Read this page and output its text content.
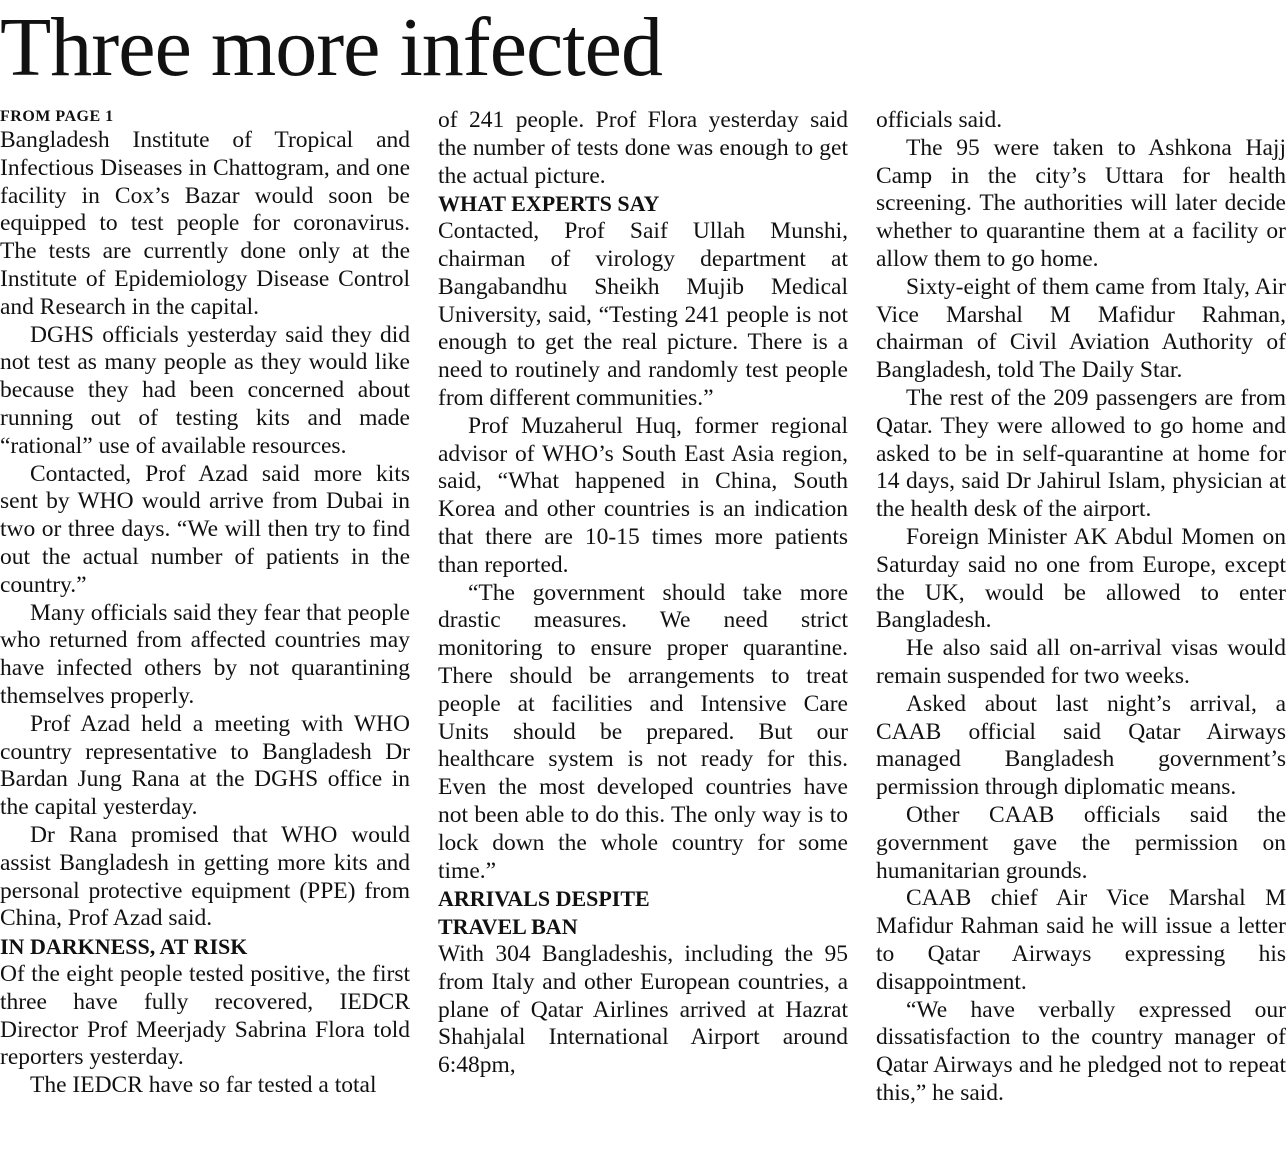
Three more infected

FROM PAGE 1

Bangladesh Institute of Tropical and Infectious Diseases in Chattogram, and one facility in Cox’s Bazar would soon be equipped to test people for coronavirus. The tests are currently done only at the Institute of Epidemiology Disease Control and Research in the capital.

DGHS officials yesterday said they did not test as many people as they would like because they had been concerned about running out of testing kits and made “rational” use of available resources.

Contacted, Prof Azad said more kits sent by WHO would arrive from Dubai in two or three days. “We will then try to find out the actual number of patients in the country.”

Many officials said they fear that people who returned from affected countries may have infected others by not quarantining themselves properly.

Prof Azad held a meeting with WHO country representative to Bangladesh Dr Bardan Jung Rana at the DGHS office in the capital yesterday.

Dr Rana promised that WHO would assist Bangladesh in getting more kits and personal protective equipment (PPE) from China, Prof Azad said.

IN DARKNESS, AT RISK

Of the eight people tested positive, the first three have fully recovered, IEDCR Director Prof Meerjady Sabrina Flora told reporters yesterday.

The IEDCR have so far tested a total

of 241 people. Prof Flora yesterday said the number of tests done was enough to get the actual picture.

WHAT EXPERTS SAY

Contacted, Prof Saif Ullah Munshi, chairman of virology department at Bangabandhu Sheikh Mujib Medical University, said, “Testing 241 people is not enough to get the real picture. There is a need to routinely and randomly test people from different communities.”

Prof Muzaherul Huq, former regional advisor of WHO’s South East Asia region, said, “What happened in China, South Korea and other countries is an indication that there are 10-15 times more patients than reported.

“The government should take more drastic measures. We need strict monitoring to ensure proper quarantine. There should be arrangements to treat people at facilities and Intensive Care Units should be prepared. But our healthcare system is not ready for this. Even the most developed countries have not been able to do this. The only way is to lock down the whole country for some time.”

ARRIVALS DESPITE

TRAVEL BAN

With 304 Bangladeshis, including the 95 from Italy and other European countries, a plane of Qatar Airlines arrived at Hazrat Shahjalal International Airport around 6:48pm,

officials said.

The 95 were taken to Ashkona Hajj Camp in the city’s Uttara for health screening. The authorities will later decide whether to quarantine them at a facility or allow them to go home.

Sixty-eight of them came from Italy, Air Vice Marshal M Mafidur Rahman, chairman of Civil Aviation Authority of Bangladesh, told The Daily Star.

The rest of the 209 passengers are from Qatar. They were allowed to go home and asked to be in self-quarantine at home for 14 days, said Dr Jahirul Islam, physician at the health desk of the airport.

Foreign Minister AK Abdul Momen on Saturday said no one from Europe, except the UK, would be allowed to enter Bangladesh.

He also said all on-arrival visas would remain suspended for two weeks.

Asked about last night’s arrival, a CAAB official said Qatar Airways managed Bangladesh government’s permission through diplomatic means.

Other CAAB officials said the government gave the permission on humanitarian grounds.

CAAB chief Air Vice Marshal M Mafidur Rahman said he will issue a letter to Qatar Airways expressing his disappointment.

“We have verbally expressed our dissatisfaction to the country manager of Qatar Airways and he pledged not to repeat this,” he said.
